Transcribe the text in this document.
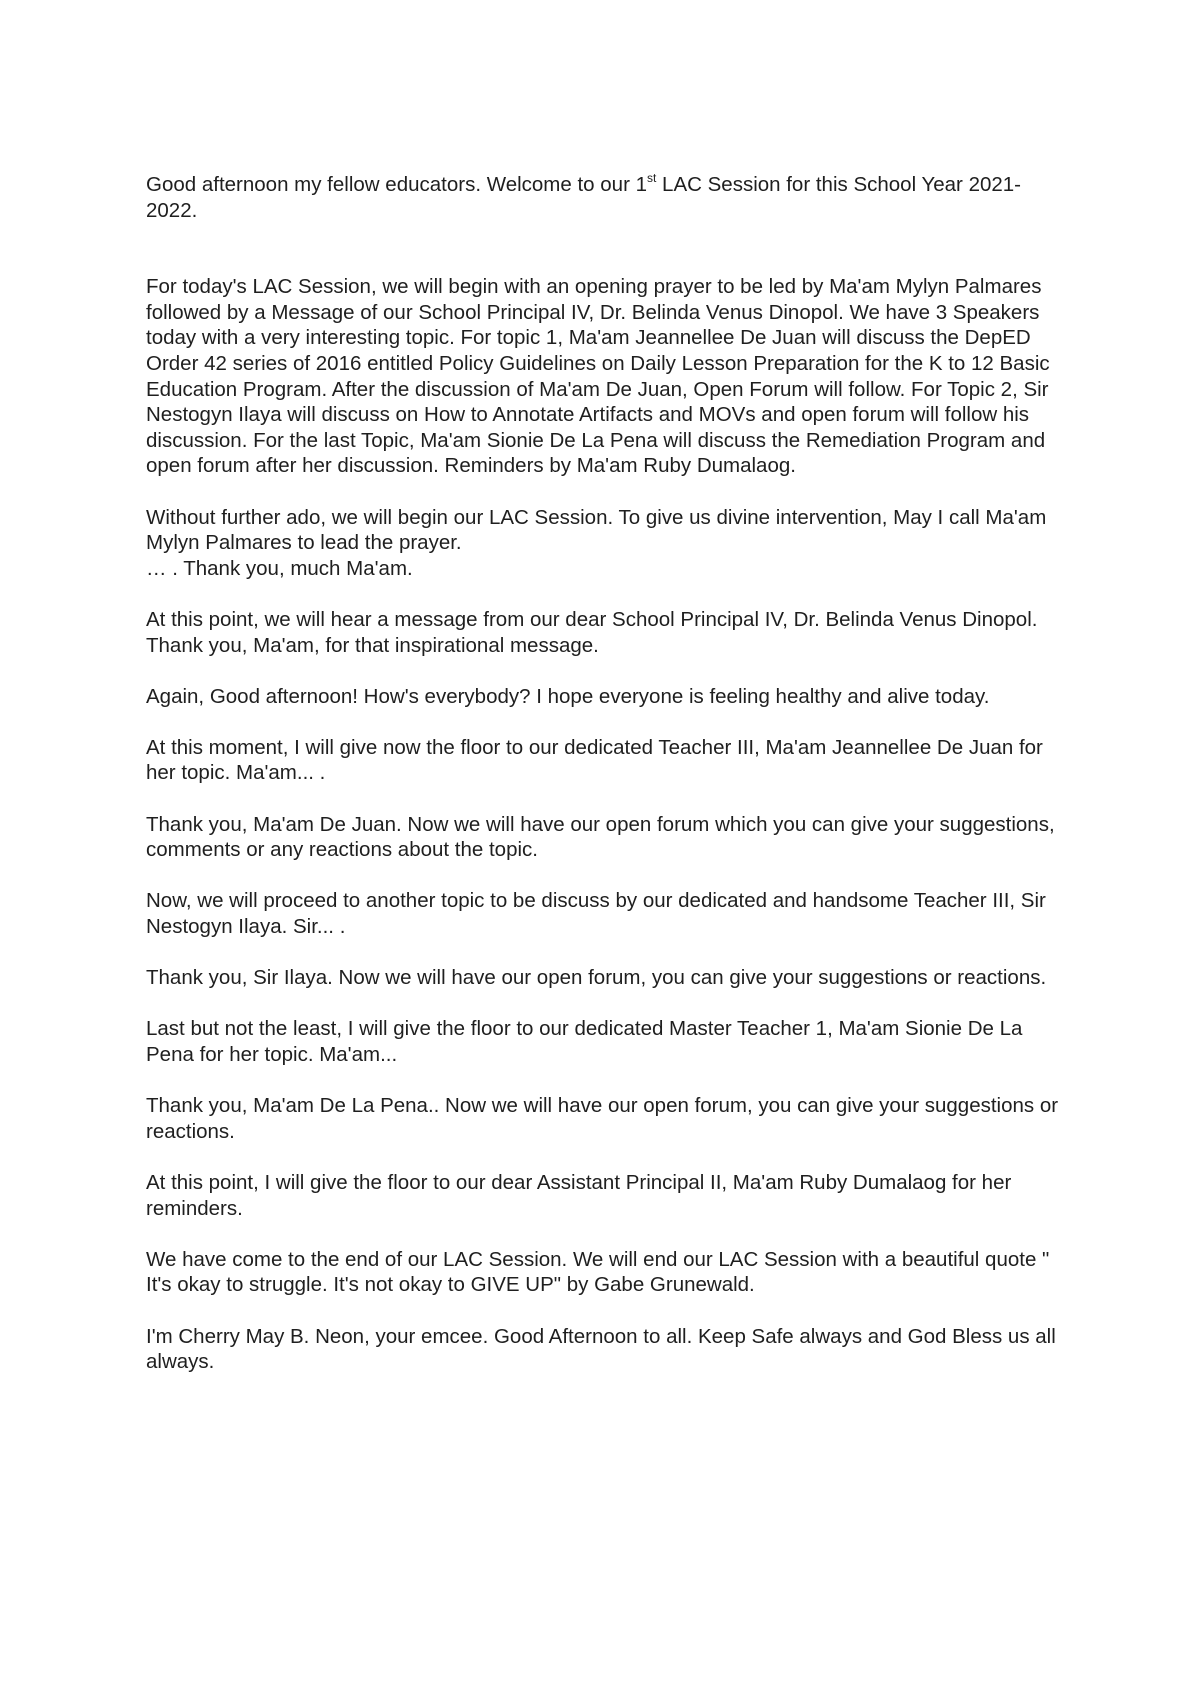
Good afternoon my fellow educators. Welcome to our 1st LAC Session for this School Year 2021-2022.

For today's LAC Session, we will begin with an opening prayer to be led by Ma'am Mylyn Palmares followed by a Message of our School Principal IV, Dr. Belinda Venus Dinopol. We have 3 Speakers today with a very interesting topic. For topic 1, Ma'am Jeannellee De Juan will discuss the DepED Order 42 series of 2016 entitled Policy Guidelines on Daily Lesson Preparation for the K to 12 Basic Education Program. After the discussion of Ma'am De Juan, Open Forum will follow. For Topic 2, Sir Nestogyn Ilaya will discuss on How to Annotate Artifacts and MOVs and open forum will follow his discussion. For the last Topic, Ma'am Sionie De La Pena will discuss the Remediation Program and open forum after her discussion. Reminders by Ma'am Ruby Dumalaog.

Without further ado, we will begin our LAC Session. To give us divine intervention, May I call Ma'am Mylyn Palmares to lead the prayer.

… . Thank you, much Ma'am.

At this point, we will hear a message from our dear School Principal IV, Dr. Belinda Venus Dinopol. Thank you, Ma'am, for that inspirational message.

Again, Good afternoon! How's everybody? I hope everyone is feeling healthy and alive today.

At this moment, I will give now the floor to our dedicated Teacher III, Ma'am Jeannellee De Juan for her topic. Ma'am... .

Thank you, Ma'am De Juan. Now we will have our open forum which you can give your suggestions, comments or any reactions about the topic.

Now, we will proceed to another topic to be discuss by our dedicated and handsome Teacher III, Sir Nestogyn Ilaya. Sir... .

Thank you, Sir Ilaya. Now we will have our open forum, you can give your suggestions or reactions.

Last but not the least, I will give the floor to our dedicated Master Teacher 1, Ma'am Sionie De La Pena for her topic. Ma'am...

Thank you, Ma'am De La Pena.. Now we will have our open forum, you can give your suggestions or reactions.

At this point, I will give the floor to our dear Assistant Principal II, Ma'am Ruby Dumalaog for her reminders.

We have come to the end of our LAC Session. We will end our LAC Session with a beautiful quote " It's okay to struggle. It's not okay to GIVE UP" by Gabe Grunewald.

I'm Cherry May B. Neon, your emcee. Good Afternoon to all. Keep Safe always and God Bless us all always.
